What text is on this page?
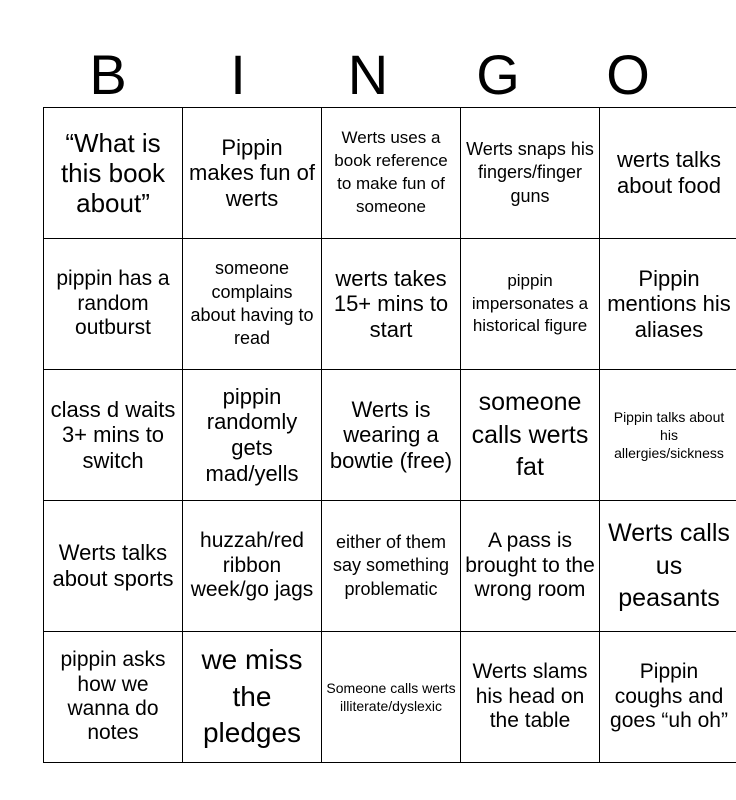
B	I	N	G	O
“What is this book about”	Pippin makes fun of werts	Werts uses a book reference to make fun of someone	Werts snaps his fingers/finger guns	werts talks about food
pippin has a random outburst	someone complains about having to read	werts takes 15+ mins to start	pippin impersonates a historical figure	Pippin mentions his aliases
class d waits 3+ mins to switch	pippin randomly gets mad/yells	Werts is wearing a bowtie (free)	someone calls werts fat	Pippin talks about his allergies/sickness
Werts talks about sports	huzzah/red ribbon week/go jags	either of them say something problematic	A pass is brought to the wrong room	Werts calls us peasants
pippin asks how we wanna do notes	we miss the pledges	Someone calls werts illiterate/dyslexic	Werts slams his head on the table	Pippin coughs and goes “uh oh”
